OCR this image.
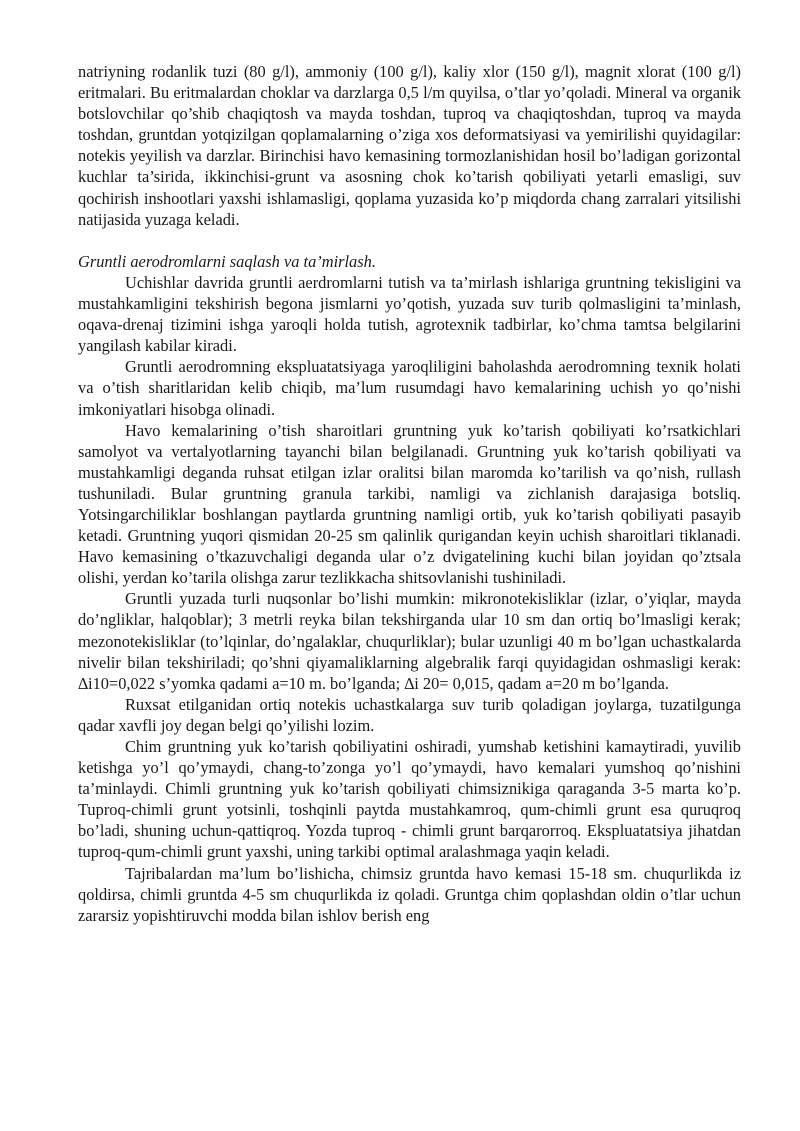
natriyning rodanlik tuzi (80 g/l), ammoniy (100 g/l), kaliy xlor (150 g/l), magnit xlorat (100 g/l) eritmalari. Bu eritmalardan choklar va darzlarga 0,5 l/m quyilsa, o’tlar yo’qoladi. Mineral va organik botslovchilar qo’shib chaqiqtosh va mayda toshdan, tuproq va chaqiqtoshdan, tuproq va mayda toshdan, gruntdan yotqizilgan qoplamalarning o’ziga xos deformatsiyasi va yemirilishi quyidagilar: notekis yeyilish va darzlar. Birinchisi havo kemasining tormozlanishidan hosil bo’ladigan gorizontal kuchlar ta’sirida, ikkinchisi-grunt va asosning chok ko’tarish qobiliyati yetarli emasligi, suv qochirish inshootlari yaxshi ishlamasligi, qoplama yuzasida ko’p miqdorda chang zarralari yitsilishi natijasida yuzaga keladi.

Gruntli aerodromlarni saqlash va ta’mirlash.

Uchishlar davrida gruntli aerdromlarni tutish va ta’mirlash ishlariga gruntning tekisligini va mustahkamligini tekshirish begona jismlarni yo’qotish, yuzada suv turib qolmasligini ta’minlash, oqava-drenaj tizimini ishga yaroqli holda tutish, agrotexnik tadbirlar, ko’chma tamtsa belgilarini yangilash kabilar kiradi.

Gruntli aerodromning ekspluatatsiyaga yaroqliligini baholashda aerodromning texnik holati va o’tish sharitlaridan kelib chiqib, ma’lum rusumdagi havo kemalarining uchish yo qo’nishi imkoniyatlari hisobga olinadi.

Havo kemalarining o’tish sharoitlari gruntning yuk ko’tarish qobiliyati ko’rsatkichlari samolyot va vertalyotlarning tayanchi bilan belgilanadi. Gruntning yuk ko’tarish qobiliyati va mustahkamligi deganda ruhsat etilgan izlar oralitsi bilan maromda ko’tarilish va qo’nish, rullash tushuniladi. Bular gruntning granula tarkibi, namligi va zichlanish darajasiga botsliq. Yotsingarchiliklar boshlangan paytlarda gruntning namligi ortib, yuk ko’tarish qobiliyati pasayib ketadi. Gruntning yuqori qismidan 20-25 sm qalinlik qurigandan keyin uchish sharoitlari tiklanadi. Havo kemasining o’tkazuvchaligi deganda ular o’z dvigatelining kuchi bilan joyidan qo’ztsala olishi, yerdan ko’tarila olishga zarur tezlikkacha shitsovlanishi tushiniladi.

Gruntli yuzada turli nuqsonlar bo’lishi mumkin: mikronotekisliklar (izlar, o’yiqlar, mayda do’ngliklar, halqoblar); 3 metrli reyka bilan tekshirganda ular 10 sm dan ortiq bo’lmasligi kerak; mezonotekisliklar (to’lqinlar, do’ngalaklar, chuqurliklar); bular uzunligi 40 m bo’lgan uchastkalarda nivelir bilan tekshiriladi; qo’shni qiyamaliklarning algebralik farqi quyidagidan oshmasligi kerak: ∆i10=0,022 s’yomka qadami a=10 m. bo’lganda; ∆i 20= 0,015, qadam a=20 m bo’lganda.

Ruxsat etilganidan ortiq notekis uchastkalarga suv turib qoladigan joylarga, tuzatilgunga qadar xavfli joy degan belgi qo’yilishi lozim.

Chim gruntning yuk ko’tarish qobiliyatini oshiradi, yumshab ketishini kamaytiradi, yuvilib ketishga yo’l qo’ymaydi, chang-to’zonga yo’l qo’ymaydi, havo kemalari yumshoq qo’nishini ta’minlaydi. Chimli gruntning yuk ko’tarish qobiliyati chimsiznikiga qaraganda 3-5 marta ko’p. Tuproq-chimli grunt yotsinli, toshqinli paytda mustahkamroq, qum-chimli grunt esa quruqroq bo’ladi, shuning uchun-qattiqroq. Yozda tuproq - chimli grunt barqarorroq. Ekspluatatsiya jihatdan tuproq-qum-chimli grunt yaxshi, uning tarkibi optimal aralashmaga yaqin keladi.

Tajribalardan ma’lum bo’lishicha, chimsiz gruntda havo kemasi 15-18 sm. chuqurlikda iz qoldirsa, chimli gruntda 4-5 sm chuqurlikda iz qoladi. Gruntga chim qoplashdan oldin o’tlar uchun zararsiz yopishtiruvchi modda bilan ishlov berish eng
